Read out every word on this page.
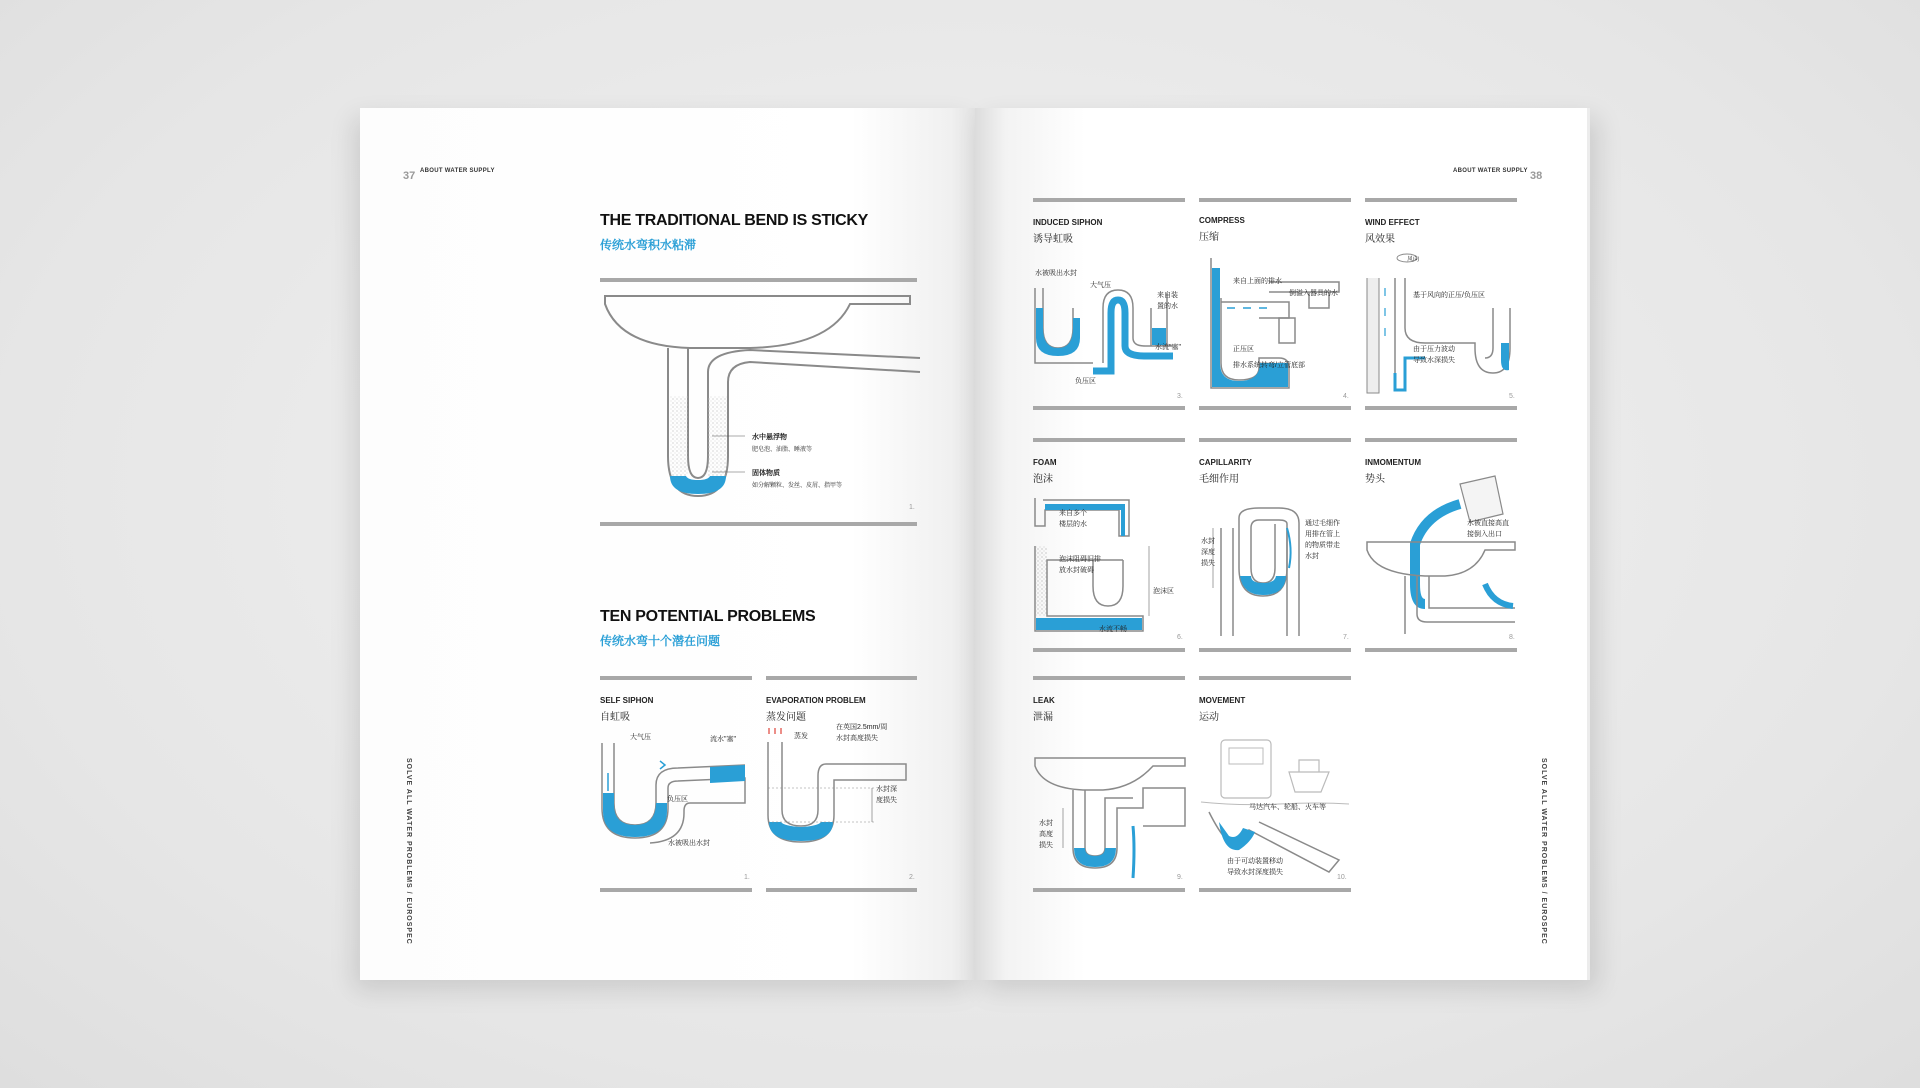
37 ABOUT WATER SUPPLY
SOLVE ALL WATER PROBLEMS / EUROSPEC
THE TRADITIONAL BEND IS STICKY
传统水弯积水粘滞
水中悬浮物
肥皂泡、油脂、睡液等
固体物质
如分解颗粒、发丝、皮屑、指甲等
1.
TEN POTENTIAL PROBLEMS
传统水弯十个潜在问题
SELF SIPHON
自虹吸
大气压	流水"塞"
负压区
水被吸出水封
1.
EVAPORATION PROBLEM
蒸发问题
蒸发
在英国2.5mm/周
水封高度损失
水封深
度损失
2.
ABOUT WATER SUPPLY 38
SOLVE ALL WATER PROBLEMS / EUROSPEC
INDUCED SIPHON
诱导虹吸
水被吸出水封
大气压
来自装
置的水
水流"塞"
负压区
3.
COMPRESS
压缩
来自上面的排水
倒溢入器具的水
正压区
排水系统转弯/立管底部
4.
WIND EFFECT
风效果
风向
基于风向的正压/负压区
由于压力波动
导致水深损失
5.
FOAM
泡沫
来自多个
楼层的水
泡沫阻碍旧排
放水封破碍
泡沫区
水流不畅
6.
CAPILLARITY
毛细作用
水封
深度
损失
通过毛细作
用排在管上
的物质带走
水封
7.
INMOMENTUM
势头
水被直接高直
接倒入出口
8.
LEAK
泄漏
水封
高度
损失
9.
MOVEMENT
运动
马达汽车、轮船、火车等
由于可动装置移动
导致水封深度损失
10.
